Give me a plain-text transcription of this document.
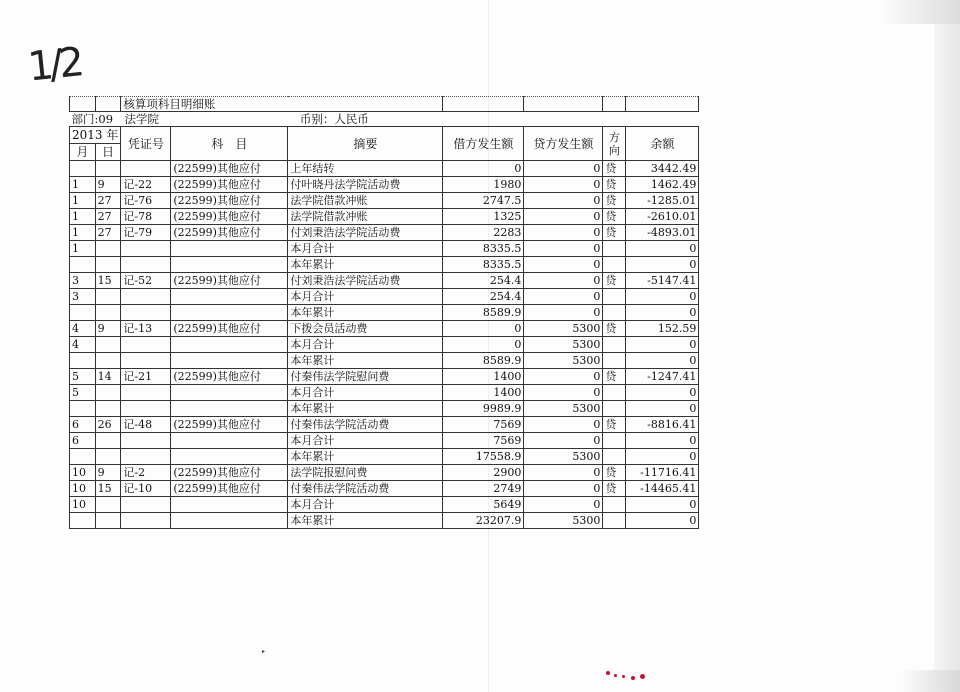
1/2
		核算项科目明细账						
部门:09　法学院				币别：人民币				
2013 年		凭证号	科　目	摘要	借方发生额	贷方发生额	方向	余额
月	日							
			(22599)其他应付	上年结转	0	0	贷	3442.49
1	9	记-22	(22599)其他应付	付叶晓丹法学院活动费	1980	0	贷	1462.49
1	27	记-76	(22599)其他应付	法学院借款冲账	2747.5	0	贷	-1285.01
1	27	记-78	(22599)其他应付	法学院借款冲账	1325	0	贷	-2610.01
1	27	记-79	(22599)其他应付	付刘秉浩法学院活动费	2283	0	贷	-4893.01
1				本月合计	8335.5	0		0
				本年累计	8335.5	0		0
3	15	记-52	(22599)其他应付	付刘秉浩法学院活动费	254.4	0	贷	-5147.41
3				本月合计	254.4	0		0
				本年累计	8589.9	0		0
4	9	记-13	(22599)其他应付	下拨会员活动费	0	5300	贷	152.59
4				本月合计	0	5300		0
				本年累计	8589.9	5300		0
5	14	记-21	(22599)其他应付	付秦伟法学院慰问费	1400	0	贷	-1247.41
5				本月合计	1400	0		0
				本年累计	9989.9	5300		0
6	26	记-48	(22599)其他应付	付秦伟法学院活动费	7569	0	贷	-8816.41
6				本月合计	7569	0		0
				本年累计	17558.9	5300		0
10	9	记-2	(22599)其他应付	法学院报慰问费	2900	0	贷	-11716.41
10	15	记-10	(22599)其他应付	付秦伟法学院活动费	2749	0	贷	-14465.41
10				本月合计	5649	0		0
				本年累计	23207.9	5300		0
▸
